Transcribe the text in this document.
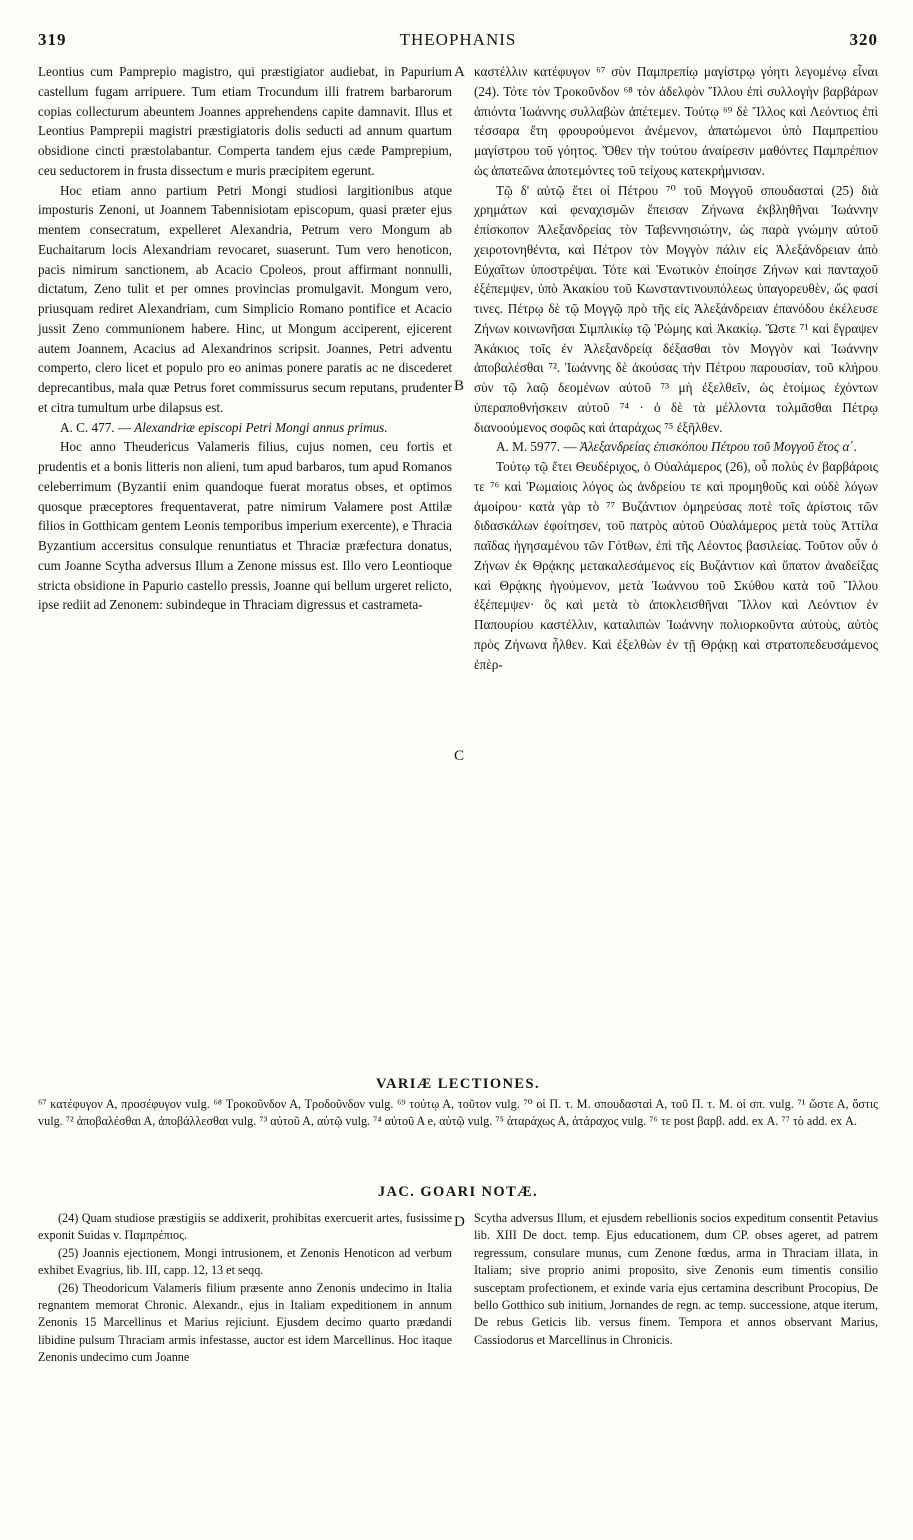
319	THEOPHANIS	320

Leontius cum Pamprepio magistro, qui præstigiator audiebat, in Papurium castellum fugam arripuere. Tum etiam Trocundum illi fratrem barbarorum copias collecturum abeuntem Joannes apprehendens capite damnavit. Illus et Leontius Pamprepii magistri præstigiatoris dolis seducti ad annum quartum obsidione cincti præstolabantur. Comperta tandem ejus cæde Pamprepium, ceu seductorem in frusta dissectum e muris præcipitem egerunt.

Hoc etiam anno partium Petri Mongi studiosi largitionibus atque imposturis Zenoni, ut Joannem Tabennisiotam episcopum, quasi præter ejus mentem consecratum, expelleret Alexandria, Petrum vero Mongum ab Euchaitarum locis Alexandriam revocaret, suaserunt. Tum vero henoticon, pacis nimirum sanctionem, ab Acacio Cpoleos, prout affirmant nonnulli, dictatum, Zeno tulit et per omnes provincias promulgavit. Mongum vero, priusquam rediret Alexandriam, cum Simplicio Romano pontifice et Acacio jussit Zeno communionem habere. Hinc, ut Mongum acciperent, ejicerent autem Joannem, Acacius ad Alexandrinos scripsit. Joannes, Petri adventu comperto, clero licet et populo pro eo animas ponere paratis ac ne discederet deprecantibus, mala quæ Petrus foret commissurus secum reputans, prudenter et citra tumultum urbe dilapsus est.

A. C. 477. — Alexandriæ episcopi Petri Mongi annus primus.

Hoc anno Theudericus Valameris filius, cujus nomen, ceu fortis et prudentis et a bonis litteris non alieni, tum apud barbaros, tum apud Romanos celeberrimum (Byzantii enim quandoque fuerat moratus obses, et optimos quosque præceptores frequentaverat, patre nimirum Valamere post Attilæ filios in Gotthicam gentem Leonis temporibus imperium exercente), e Thracia Byzantium accersitus consulque renuntiatus et Thraciæ præfectura donatus, cum Joanne Scytha adversus Illum a Zenone missus est. Illo vero Leontioque stricta obsidione in Papurio castello pressis, Joanne qui bellum urgeret relicto, ipse rediit ad Zenonem: subindeque in Thraciam digressus et castrameta-

A
B
C

καστέλλιν κατέφυγον ⁶⁷ σὺν Παμπρεπίῳ μαγίστρῳ γόητι λεγομένῳ εἶναι (24). Τότε τὸν Τροκοῦνδον ⁶⁸ τὸν ἀδελφὸν Ἴλλου ἐπὶ συλλογὴν βαρβάρων ἀπιόντα Ἰωάννης συλλαβὼν ἀπέτεμεν. Τούτῳ ⁶⁹ δὲ Ἴλλος καὶ Λεόντιος ἐπὶ τέσσαρα ἔτη φρουρούμενοι ἀνέμενον, ἀπατώμενοι ὑπὸ Παμπρεπίου μαγίστρου τοῦ γόητος. Ὅθεν τὴν τούτου ἀναίρεσιν μαθόντες Παμπρέπιον ὡς ἀπατεῶνα ἀποτεμόντες τοῦ τείχους κατεκρήμνισαν.

Τῷ δ' αὐτῷ ἔτει οἱ Πέτρου ⁷⁰ τοῦ Μογγοῦ σπουδασταὶ (25) διὰ χρημάτων καὶ φεναχισμῶν ἔπεισαν Ζήνωνα ἐκβληθῆναι Ἰωάννην ἐπίσκοπον Ἀλεξανδρείας τὸν Ταβεννησιώτην, ὡς παρὰ γνώμην αὐτοῦ χειροτονηθέντα, καὶ Πέτρον τὸν Μογγὸν πάλιν εἰς Ἀλεξάνδρειαν ἀπὸ Εὐχαΐτων ὑποστρέψαι. Τότε καὶ Ἑνωτικὸν ἐποίησε Ζήνων καὶ πανταχοῦ ἐξέπεμψεν, ὑπὸ Ἀκακίου τοῦ Κωνσταντινουπόλεως ὑπαγορευθὲν, ὥς φασί τινες. Πέτρῳ δὲ τῷ Μογγῷ πρὸ τῆς εἰς Ἀλεξάνδρειαν ἐπανόδου ἐκέλευσε Ζήνων κοινωνῆσαι Σιμπλικίῳ τῷ Ῥώμης καὶ Ἀκακίῳ. Ὥστε ⁷¹ καὶ ἔγραψεν Ἀκάκιος τοῖς ἐν Ἀλεξανδρείᾳ δέξασθαι τὸν Μογγὸν καὶ Ἰωάννην ἀποβαλέσθαι ⁷². Ἰωάννης δὲ ἀκούσας τὴν Πέτρου παρουσίαν, τοῦ κλήρου σὺν τῷ λαῷ δεομένων αὐτοῦ ⁷³ μὴ ἐξελθεῖν, ὡς ἑτοίμως ἐχόντων ὑπεραποθνήσκειν αὐτοῦ ⁷⁴ · ὁ δὲ τὰ μέλλοντα τολμᾶσθαι Πέτρῳ διανοούμενος σοφῶς καὶ ἀταράχως ⁷⁵ ἐξῆλθεν.

Α. Μ. 5977. — Ἀλεξανδρείας ἐπισκόπου Πέτρου τοῦ Μογγοῦ ἔτος α΄.

Τούτῳ τῷ ἔτει Θευδέριχος, ὁ Οὐαλάμερος (26), οὗ πολὺς ἐν βαρβάροις τε ⁷⁶ καὶ Ῥωμαίοις λόγος ὡς ἀνδρείου τε καὶ προμηθοῦς καὶ οὐδὲ λόγων ἀμοίρου· κατὰ γὰρ τὸ ⁷⁷ Βυζάντιον ὁμηρεύσας ποτὲ τοῖς ἀρίστοις τῶν διδασκάλων ἐφοίτησεν, τοῦ πατρὸς αὐτοῦ Οὐαλάμερος μετὰ τοὺς Ἀττίλα παῖδας ἡγησαμένου τῶν Γότθων, ἐπὶ τῆς Λέοντος βασιλείας. Τοῦτον οὖν ὁ Ζήνων ἐκ Θρᾴκης μετακαλεσάμενος εἰς Βυζάντιον καὶ ὕπατον ἀναδείξας καὶ Θρᾴκης ἡγούμενον, μετὰ Ἰωάννου τοῦ Σκύθου κατὰ τοῦ Ἴλλου ἐξέπεμψεν· ὃς καὶ μετὰ τὸ ἀποκλεισθῆναι Ἴλλον καὶ Λεόντιον ἐν Παπουρίου καστέλλιν, καταλιπὼν Ἰωάννην πολιορκοῦντα αὐτοὺς, αὐτὸς πρὸς Ζήνωνα ἦλθεν. Καὶ ἐξελθὼν ἐν τῇ Θρᾴκῃ καὶ στρατοπεδευσάμενος ἐπὲρ-

VARIÆ LECTIONES.

⁶⁷ κατέφυγον Α, προσέφυγον vulg. ⁶⁸ Τροκοῦνδον Α, Τροδοῦνδον vulg. ⁶⁹ τούτῳ Α, τοῦτον vulg. ⁷⁰ οἱ Π. τ. Μ. σπουδασταὶ Α, τοῦ Π. τ. Μ. οἱ σπ. vulg. ⁷¹ ὥστε Α, ὅστις vulg. ⁷² ἀποβαλέσθαι Α, ἀποβάλλεσθαι vulg. ⁷³ αὐτοῦ Α, αὐτῷ vulg. ⁷⁴ αὐτοῦ Α e, αὐτῷ vulg. ⁷⁵ ἀταράχως Α, ἀτάραχος vulg. ⁷⁶ τε post βαρβ. add. ex Α. ⁷⁷ τὸ add. ex Α.

JAC. GOARI NOTÆ.

(24) Quam studiose præstigiis se addixerit, prohibitas exercuerit artes, fusissime exponit Suidas v. Παμπρέπιος.

(25) Joannis ejectionem, Mongi intrusionem, et Zenonis Henoticon ad verbum exhibet Evagrius, lib. III, capp. 12, 13 et seqq.

(26) Theodoricum Valameris filium præsente anno Zenonis undecimo in Italia regnantem memorat Chronic. Alexandr., ejus in Italiam expeditionem in annum Zenonis 15 Marcellinus et Marius rejiciunt. Ejusdem decimo quarto prædandi libidine pulsum Thraciam armis infestasse, auctor est idem Marcellinus. Hoc itaque Zenonis undecimo cum Joanne

D Scytha adversus Illum, et ejusdem rebellionis socios expeditum consentit Petavius lib. XIII De doct. temp. Ejus educationem, dum CP. obses ageret, ad patrem regressum, consulare munus, cum Zenone fœdus, arma in Thraciam illata, in Italiam; sive proprio animi proposito, sive Zenonis eum timentis consilio susceptam profectionem, et exinde varia ejus certamina describunt Procopius, De bello Gotthico sub initium, Jornandes de regn. ac temp. successione, atque iterum, De rebus Geticis lib. versus finem. Tempora et annos observant Marius, Cassiodorus et Marcellinus in Chronicis.
